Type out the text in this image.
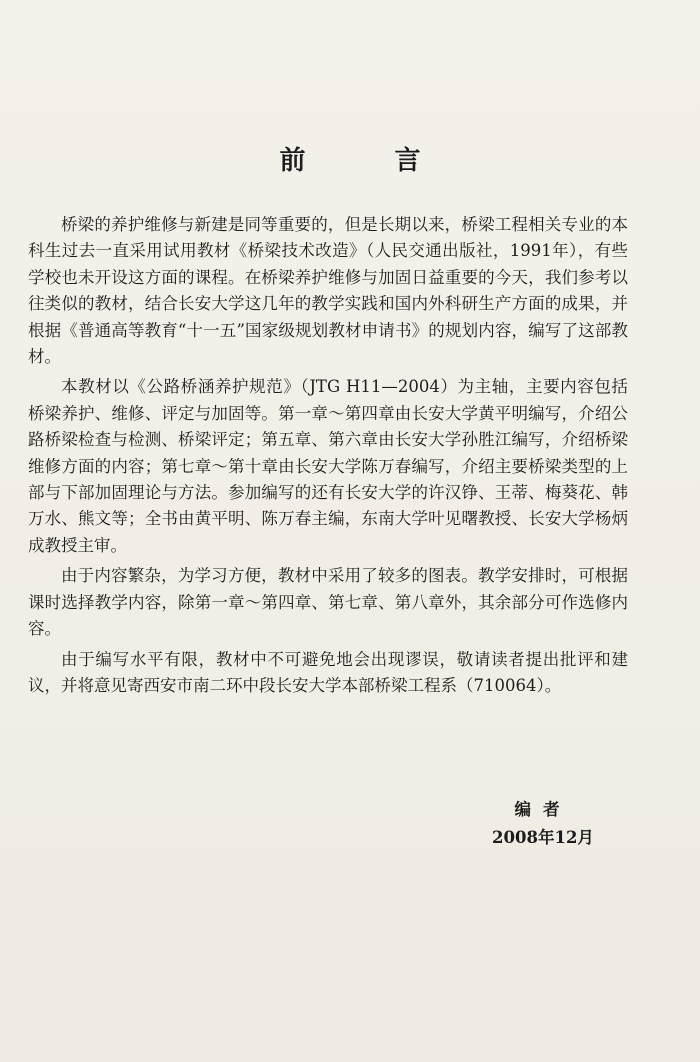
前 言

桥梁的养护维修与新建是同等重要的，但是长期以来，桥梁工程相关专业的本科生过去一直采用试用教材《桥梁技术改造》（人民交通出版社，1991年），有些学校也未开设这方面的课程。在桥梁养护维修与加固日益重要的今天，我们参考以往类似的教材，结合长安大学这几年的教学实践和国内外科研生产方面的成果，并根据《普通高等教育“十一五”国家级规划教材申请书》的规划内容，编写了这部教材。

本教材以《公路桥涵养护规范》（JTG H11—2004）为主轴，主要内容包括桥梁养护、维修、评定与加固等。第一章～第四章由长安大学黄平明编写，介绍公路桥梁检查与检测、桥梁评定；第五章、第六章由长安大学孙胜江编写，介绍桥梁维修方面的内容；第七章～第十章由长安大学陈万春编写，介绍主要桥梁类型的上部与下部加固理论与方法。参加编写的还有长安大学的许汉铮、王蒂、梅葵花、韩万水、熊文等；全书由黄平明、陈万春主编，东南大学叶见曙教授、长安大学杨炳成教授主审。

由于内容繁杂，为学习方便，教材中采用了较多的图表。教学安排时，可根据课时选择教学内容，除第一章～第四章、第七章、第八章外，其余部分可作选修内容。

由于编写水平有限，教材中不可避免地会出现谬误，敬请读者提出批评和建议，并将意见寄西安市南二环中段长安大学本部桥梁工程系（710064）。

编者
2008年12月
